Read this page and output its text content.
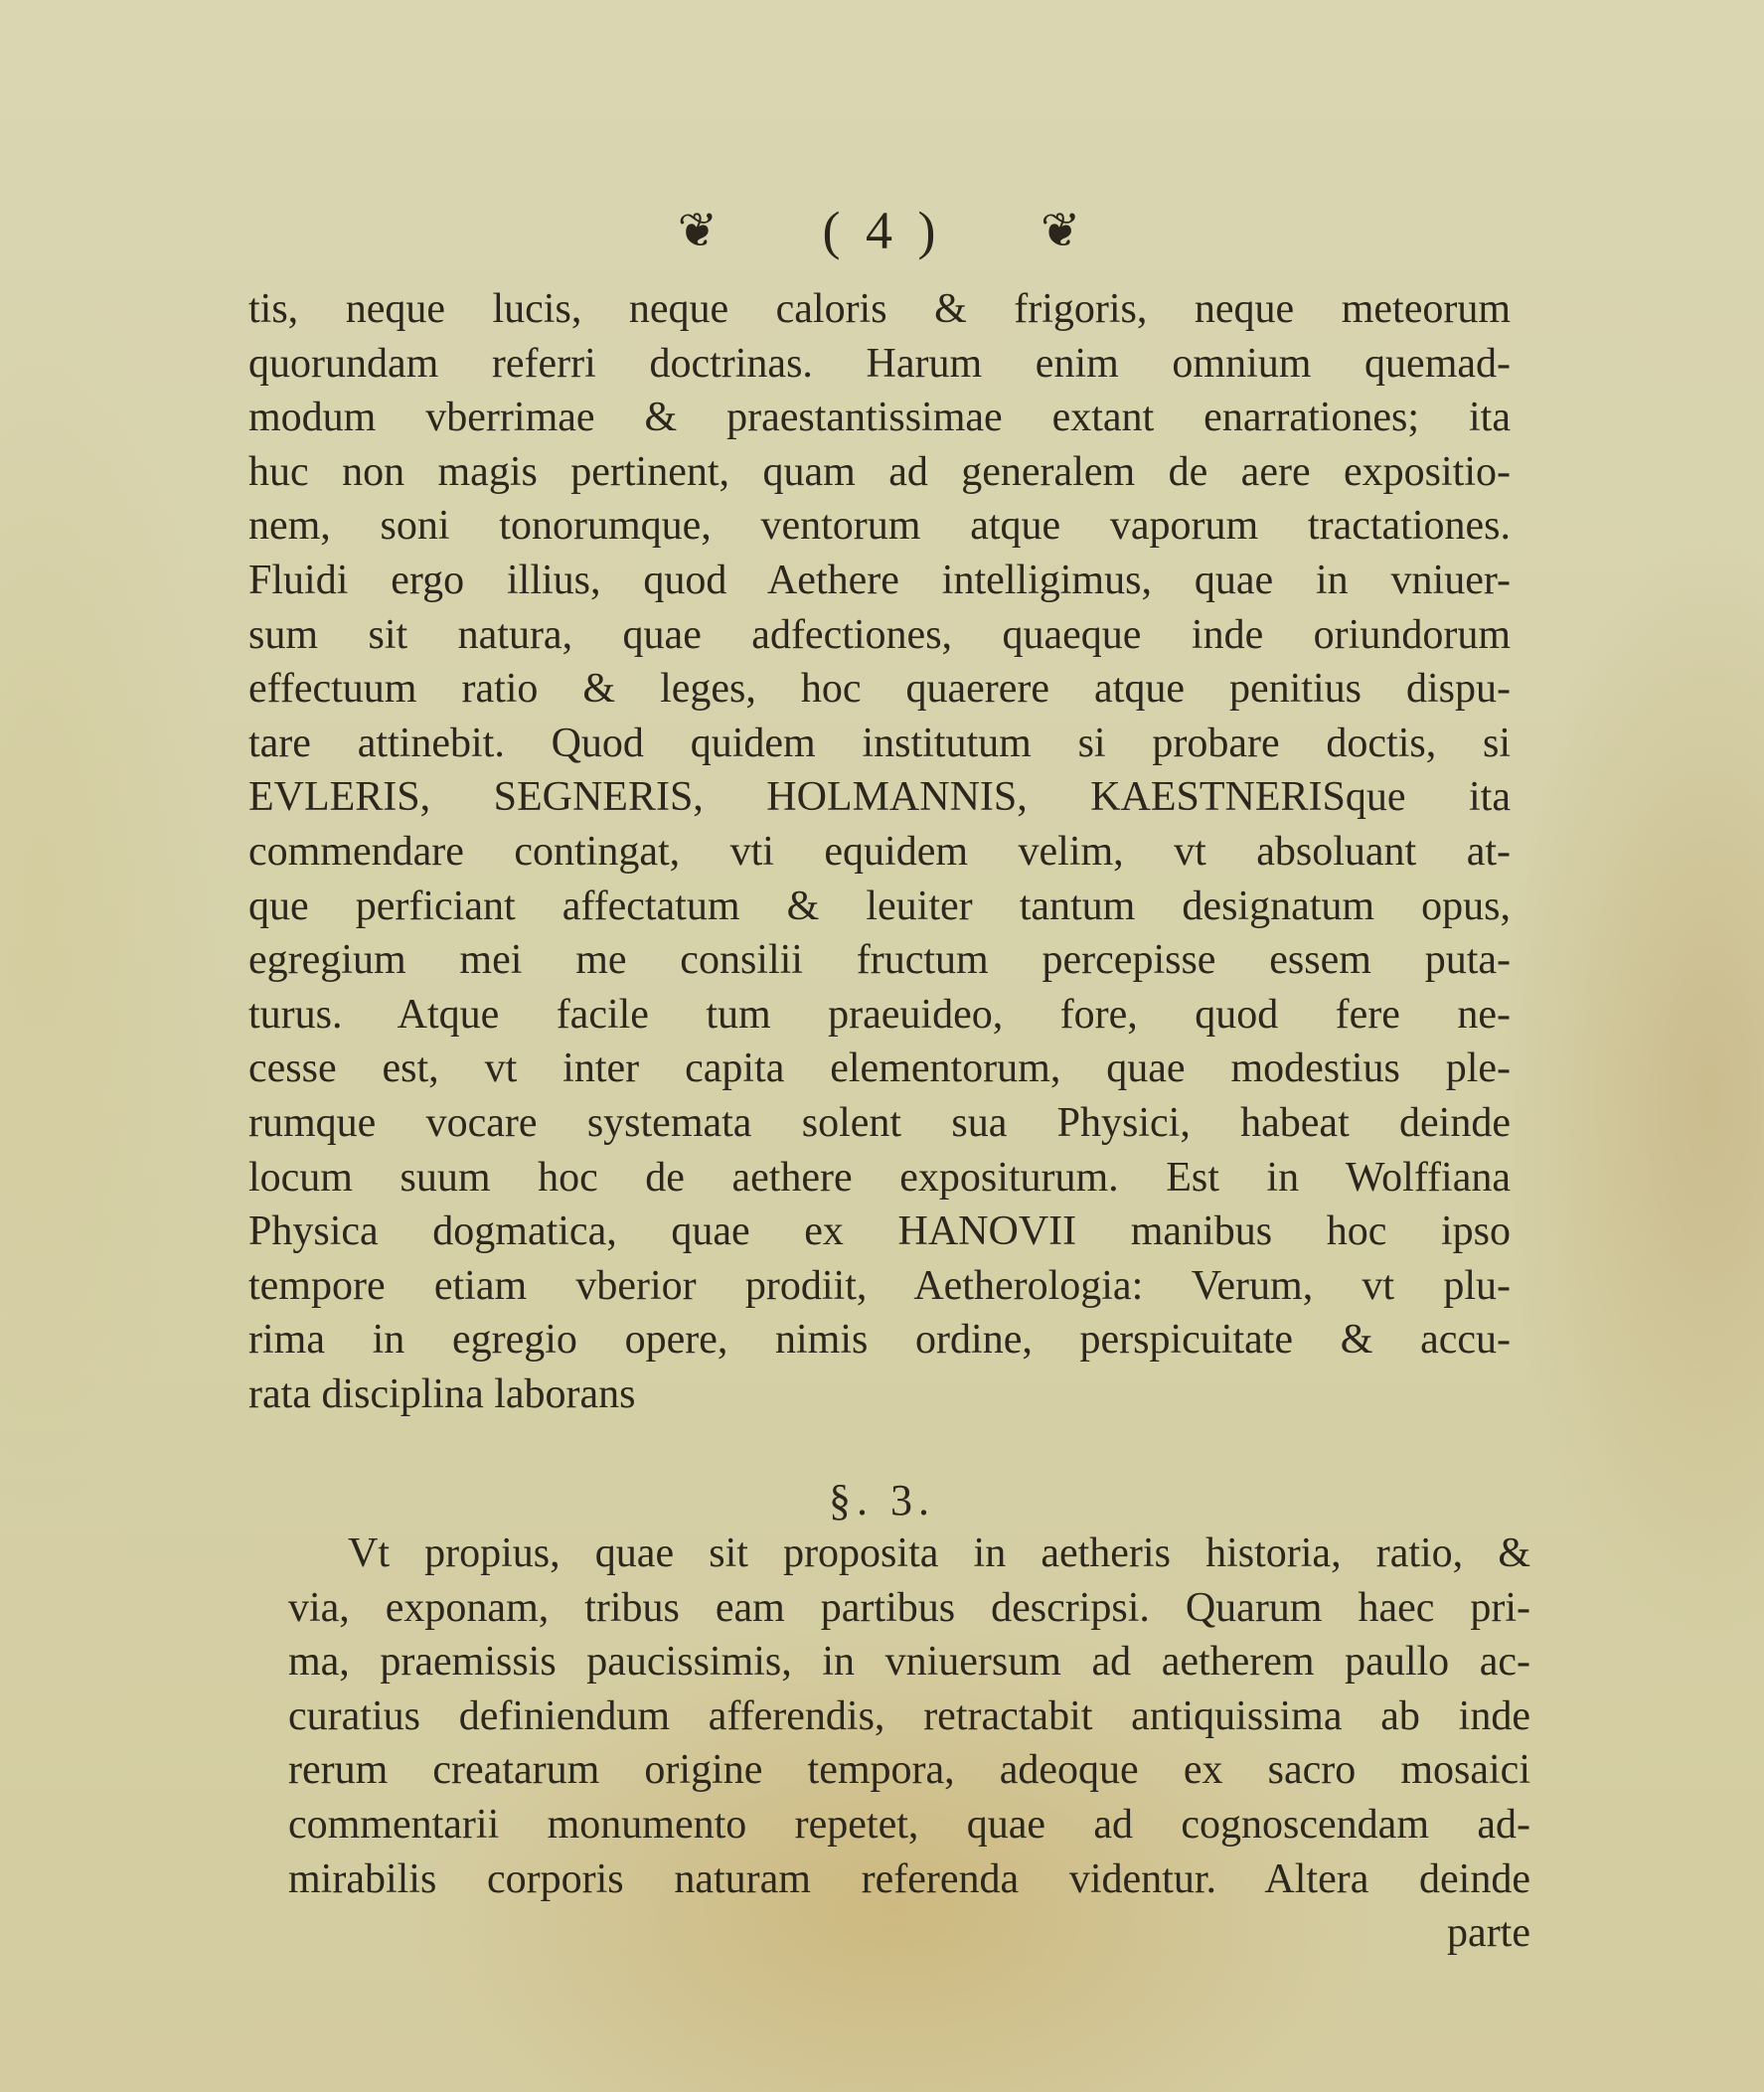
❦ ( 4 ) ❦
tis, neque lucis, neque caloris & frigoris, neque meteorum
quorundam referri doctrinas. Harum enim omnium quemad-
modum vberrimae & praestantissimae extant enarrationes; ita
huc non magis pertinent, quam ad generalem de aere expositio-
nem, soni tonorumque, ventorum atque vaporum tractationes.
Fluidi ergo illius, quod Aethere intelligimus, quae in vniuer-
sum sit natura, quae adfectiones, quaeque inde oriundorum
effectuum ratio & leges, hoc quaerere atque penitius dispu-
tare attinebit. Quod quidem institutum si probare doctis, si
EVLERIS, SEGNERIS, HOLMANNIS, KAESTNERISque ita
commendare contingat, vti equidem velim, vt absoluant at-
que perficiant affectatum & leuiter tantum designatum opus,
egregium mei me consilii fructum percepisse essem puta-
turus. Atque facile tum praeuideo, fore, quod fere ne-
cesse est, vt inter capita elementorum, quae modestius ple-
rumque vocare systemata solent sua Physici, habeat deinde
locum suum hoc de aethere expositurum. Est in Wolffiana
Physica dogmatica, quae ex HANOVII manibus hoc ipso
tempore etiam vberior prodiit, Aetherologia: Verum, vt plu-
rima in egregio opere, nimis ordine, perspicuitate & accu-
rata disciplina laborans
§. 3.
Vt propius, quae sit proposita in aetheris historia, ratio, &
via, exponam, tribus eam partibus descripsi. Quarum haec pri-
ma, praemissis paucissimis, in vniuersum ad aetherem paullo ac-
curatius definiendum afferendis, retractabit antiquissima ab inde
rerum creatarum origine tempora, adeoque ex sacro mosaici
commentarii monumento repetet, quae ad cognoscendam ad-
mirabilis corporis naturam referenda videntur. Altera deinde
parte
